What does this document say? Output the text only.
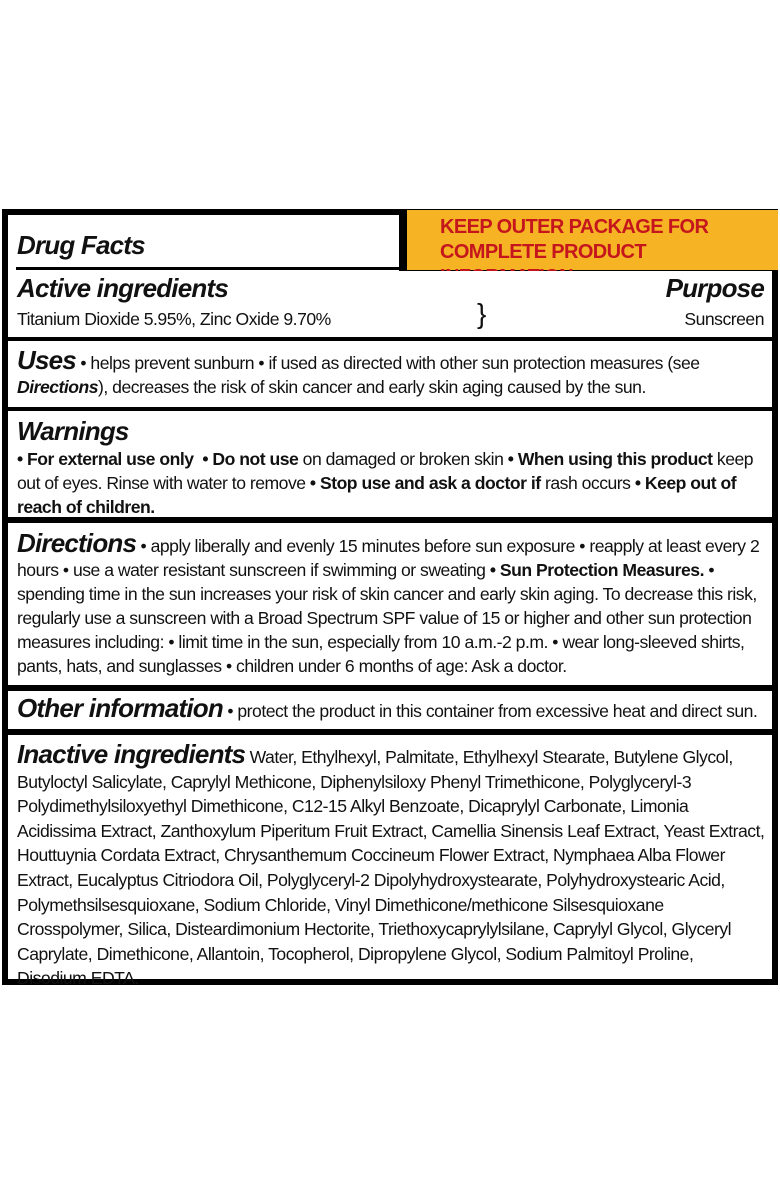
KEEP OUTER PACKAGE FOR
COMPLETE PRODUCT
Drug Facts
Active ingredients	Purpose
Titanium Dioxide 5.95%, Zinc Oxide 9.70%	}	Sunscreen

Uses • helps prevent sunburn • if used as directed with other sun protection measures (see
Directions), decreases the risk of skin cancer and early skin aging caused by the sun.

Warnings

• For external use only • Do not use on damaged or broken skin • When using this product keep out of eyes. Rinse with water to remove • Stop use and ask a doctor if rash occurs • Keep out of reach of children.

Directions • apply liberally and evenly 15 minutes before sun exposure • reapply at least every 2 hours • use a water resistant sunscreen if swimming or sweating • Sun Protection Measures. • spending time in the sun increases your risk of skin cancer and early skin aging. To decrease this risk, regularly use a sunscreen with a Broad Spectrum SPF value of 15 or higher and other sun protection measures including: • limit time in the sun, especially from 10 a.m.-2 p.m. • wear long-sleeved shirts, pants, hats, and sunglasses • children under 6 months of age: Ask a doctor.

Other information • protect the product in this container from excessive heat and direct sun.

Inactive ingredients Water, Ethylhexyl, Palmitate, Ethylhexyl Stearate, Butylene Glycol, Butyloctyl Salicylate, Caprylyl Methicone, Diphenylsiloxy Phenyl Trimethicone, Polyglyceryl-3 Polydimethylsiloxyethyl Dimethicone, C12-15 Alkyl Benzoate, Dicaprylyl Carbonate, Limonia Acidissima Extract, Zanthoxylum Piperitum Fruit Extract, Camellia Sinensis Leaf Extract, Yeast Extract, Houttuynia Cordata Extract, Chrysanthemum Coccineum Flower Extract, Nymphaea Alba Flower Extract, Eucalyptus Citriodora Oil, Polyglyceryl-2 Dipolyhydroxystearate, Polyhydroxystearic Acid, Polymethsilsesquioxane, Sodium Chloride, Vinyl Dimethicone/methicone Silsesquioxane Crosspolymer, Silica, Disteardimonium Hectorite, Triethoxycaprylylsilane, Caprylyl Glycol, Glyceryl Caprylate, Dimethicone, Allantoin, Tocopherol, Dipropylene Glycol, Sodium Palmitoyl Proline, Disodium EDTA.
